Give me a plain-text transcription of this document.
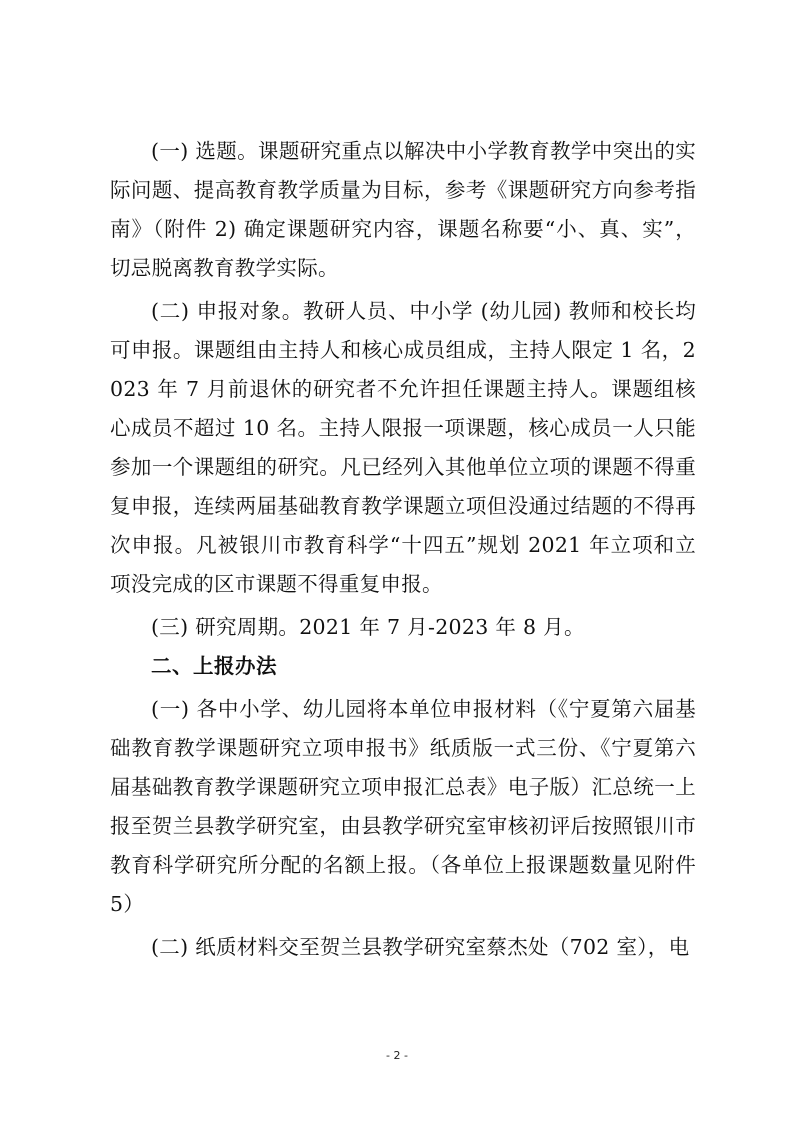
(一) 选题。课题研究重点以解决中小学教育教学中突出的实际问题、提高教育教学质量为目标，参考《课题研究方向参考指南》（附件 2) 确定课题研究内容，课题名称要“小、真、实”，切忌脱离教育教学实际。

(二) 申报对象。教研人员、中小学 (幼儿园) 教师和校长均可申报。课题组由主持人和核心成员组成，主持人限定 1 名，2023 年 7 月前退休的研究者不允许担任课题主持人。课题组核心成员不超过 10 名。主持人限报一项课题，核心成员一人只能参加一个课题组的研究。凡已经列入其他单位立项的课题不得重复申报，连续两届基础教育教学课题立项但没通过结题的不得再次申报。凡被银川市教育科学“十四五”规划 2021 年立项和立项没完成的区市课题不得重复申报。

(三) 研究周期。2021 年 7 月-2023 年 8 月。

二、上报办法

(一) 各中小学、幼儿园将本单位申报材料（《宁夏第六届基础教育教学课题研究立项申报书》纸质版一式三份、《宁夏第六届基础教育教学课题研究立项申报汇总表》电子版）汇总统一上报至贺兰县教学研究室，由县教学研究室审核初评后按照银川市教育科学研究所分配的名额上报。（各单位上报课题数量见附件 5）

(二) 纸质材料交至贺兰县教学研究室蔡杰处（702 室），电

- 2 -
